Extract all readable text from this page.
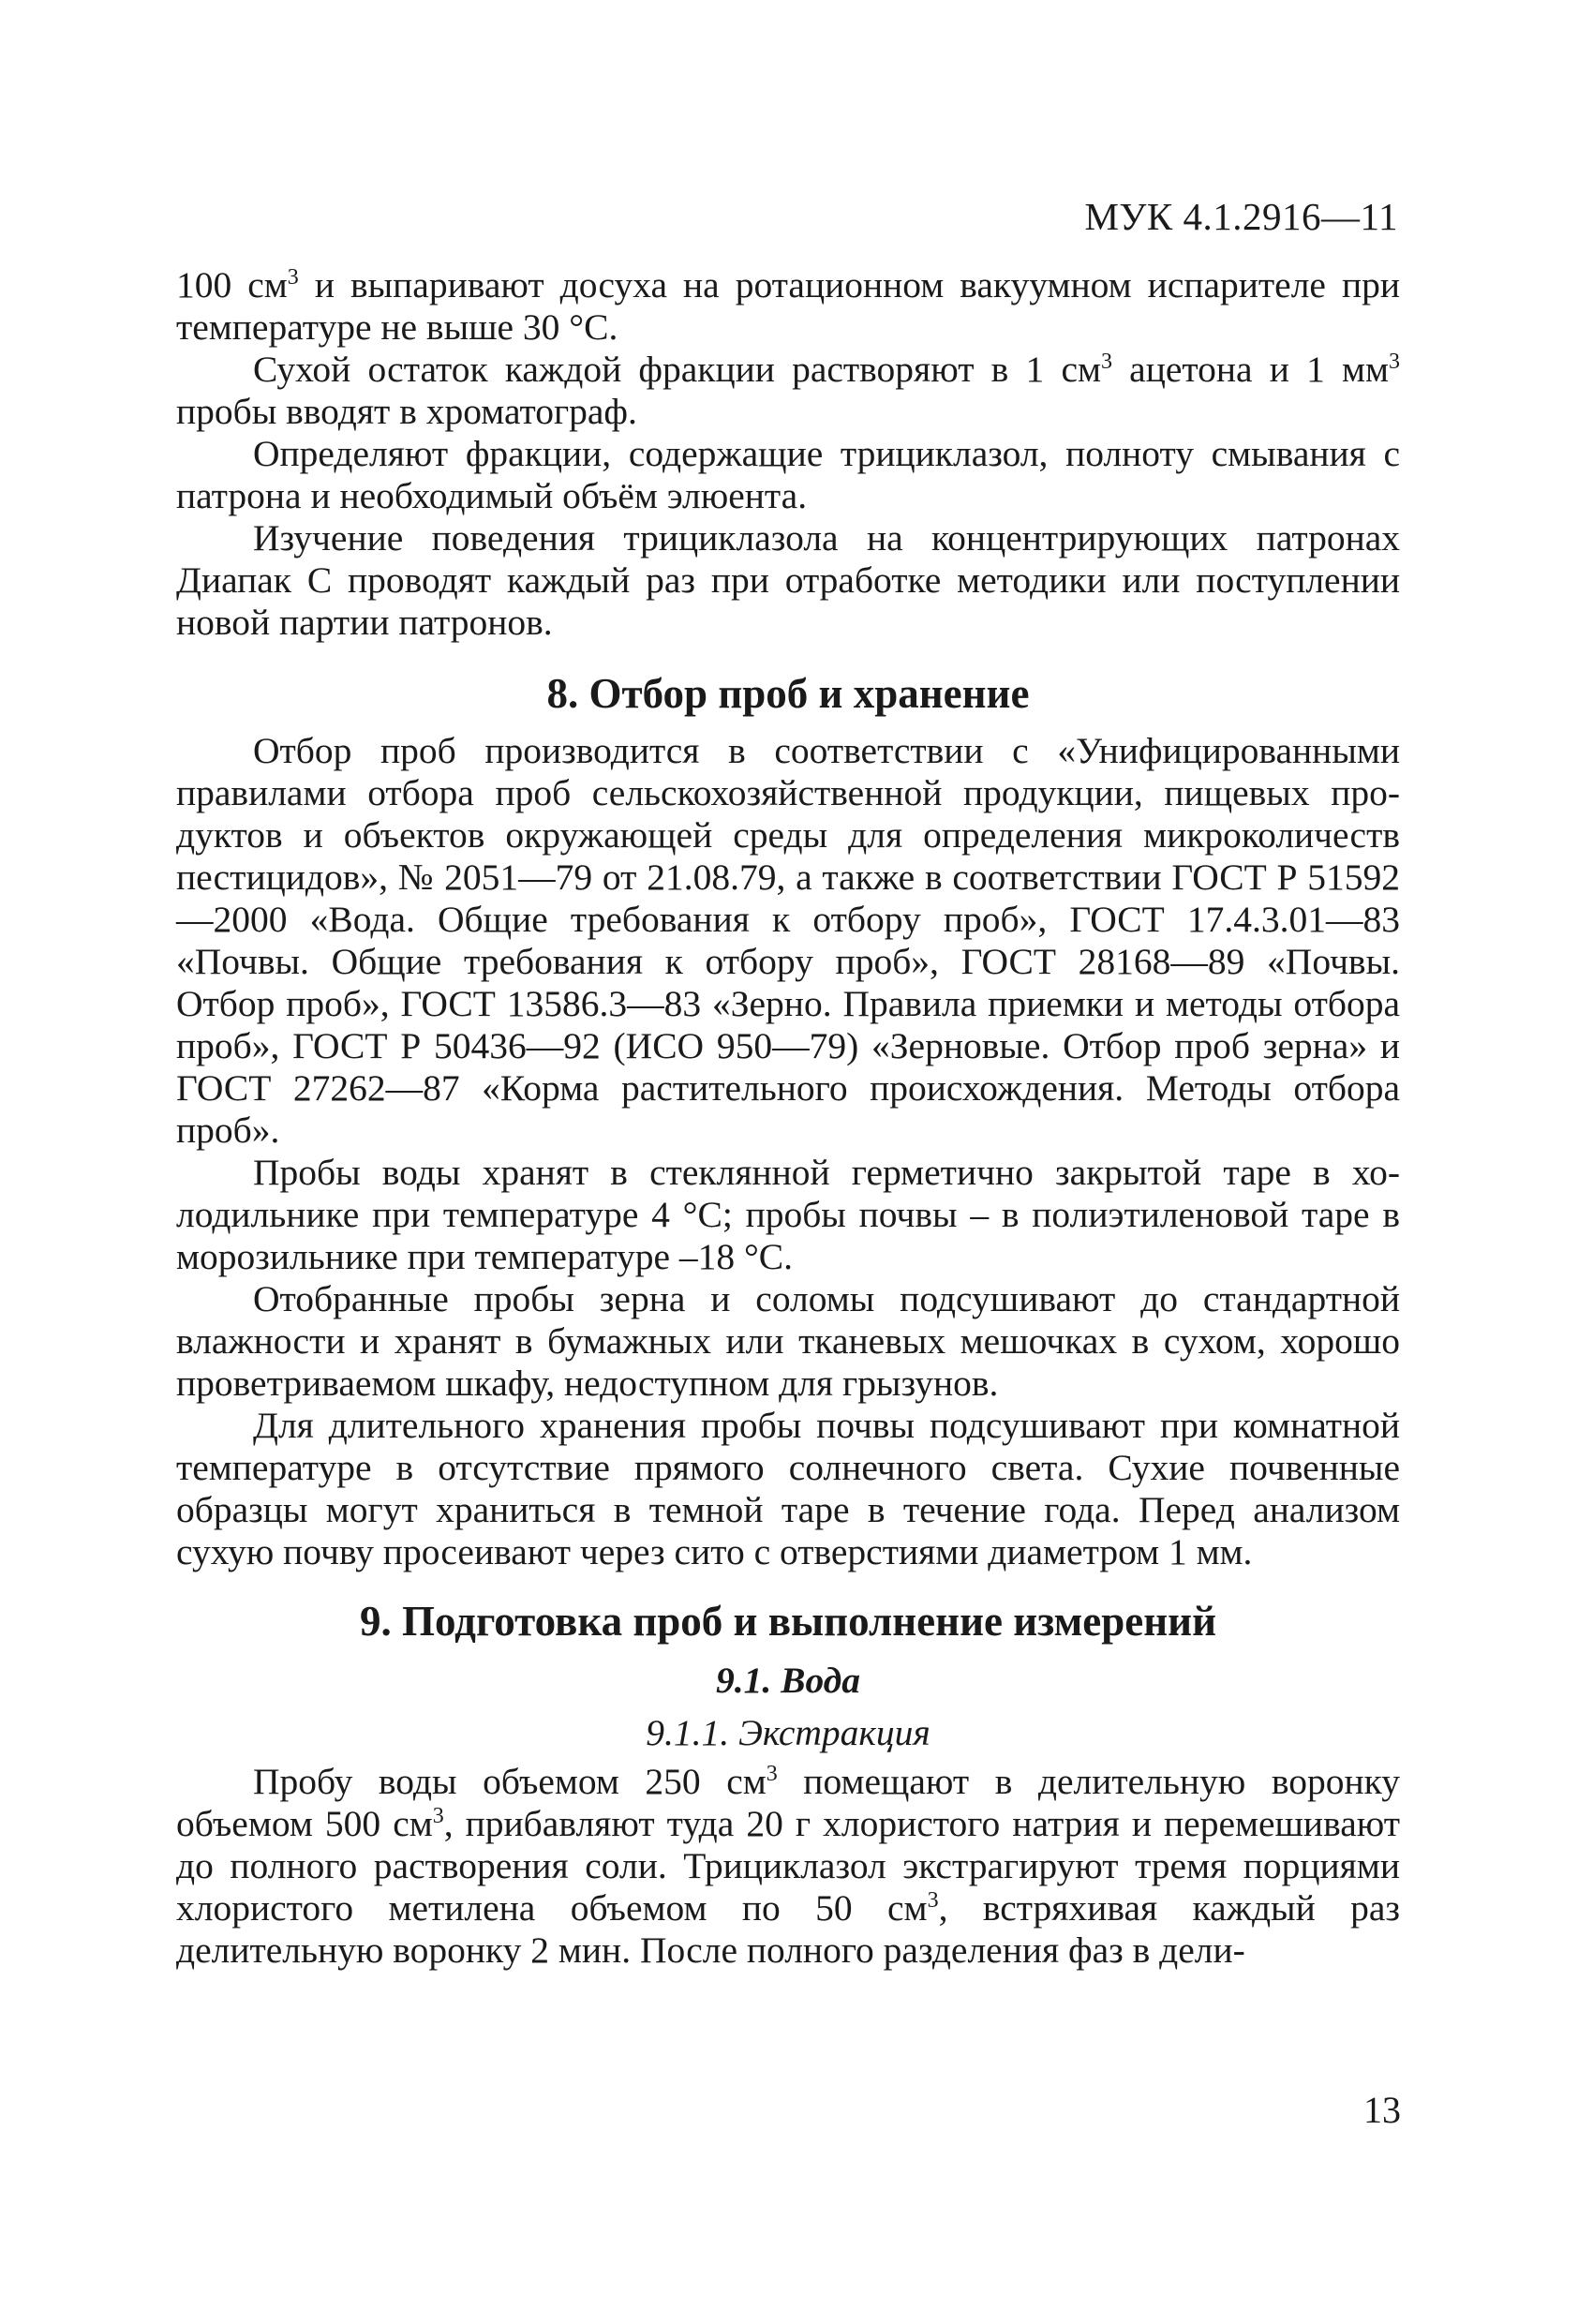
МУК 4.1.2916—11

100 $см^3$ и выпаривают досуха на ротационном вакуумном испарителе при температуре не выше 30 °С.

Сухой остаток каждой фракции растворяют в 1 $см^3$ ацетона и 1 $мм^3$ пробы вводят в хроматограф.

Определяют фракции, содержащие трициклазол, полноту смывания с патрона и необходимый объём элюента.

Изучение поведения трициклазола на концентрирующих патронах Диапак С проводят каждый раз при отработке методики или поступлении новой партии патронов.

8. Отбор проб и хранение

Отбор проб производится в соответствии с «Унифицированными правилами отбора проб сельскохозяйственной продукции, пищевых продуктов и объектов окружающей среды для определения микроколичеств пестицидов», № 2051—79 от 21.08.79, а также в соответствии ГОСТ Р 51592—2000 «Вода. Общие требования к отбору проб», ГОСТ 17.4.3.01—83 «Почвы. Общие требования к отбору проб», ГОСТ 28168—89 «Почвы. Отбор проб», ГОСТ 13586.3—83 «Зерно. Правила приемки и методы отбора проб», ГОСТ Р 50436—92 (ИСО 950—79) «Зерновые. Отбор проб зерна» и ГОСТ 27262—87 «Корма растительного происхождения. Методы отбора проб».

Пробы воды хранят в стеклянной герметично закрытой таре в холодильнике при температуре 4 °С; пробы почвы – в полиэтиленовой таре в морозильнике при температуре –18 °С.

Отобранные пробы зерна и соломы подсушивают до стандартной влажности и хранят в бумажных или тканевых мешочках в сухом, хорошо проветриваемом шкафу, недоступном для грызунов.

Для длительного хранения пробы почвы подсушивают при комнатной температуре в отсутствие прямого солнечного света. Сухие почвенные образцы могут храниться в темной таре в течение года. Перед анализом сухую почву просеивают через сито с отверстиями диаметром 1 мм.

9. Подготовка проб и выполнение измерений
9.1. Вода
9.1.1. Экстракция

Пробу воды объемом 250 $см^3$ помещают в делительную воронку объемом 500 $см^3$, прибавляют туда 20 г хлористого натрия и перемешивают до полного растворения соли. Трициклазол экстрагируют тремя порциями хлористого метилена объемом по 50 $см^3$, встряхивая каждый раз делительную воронку 2 мин. После полного разделения фаз в дели-

13
